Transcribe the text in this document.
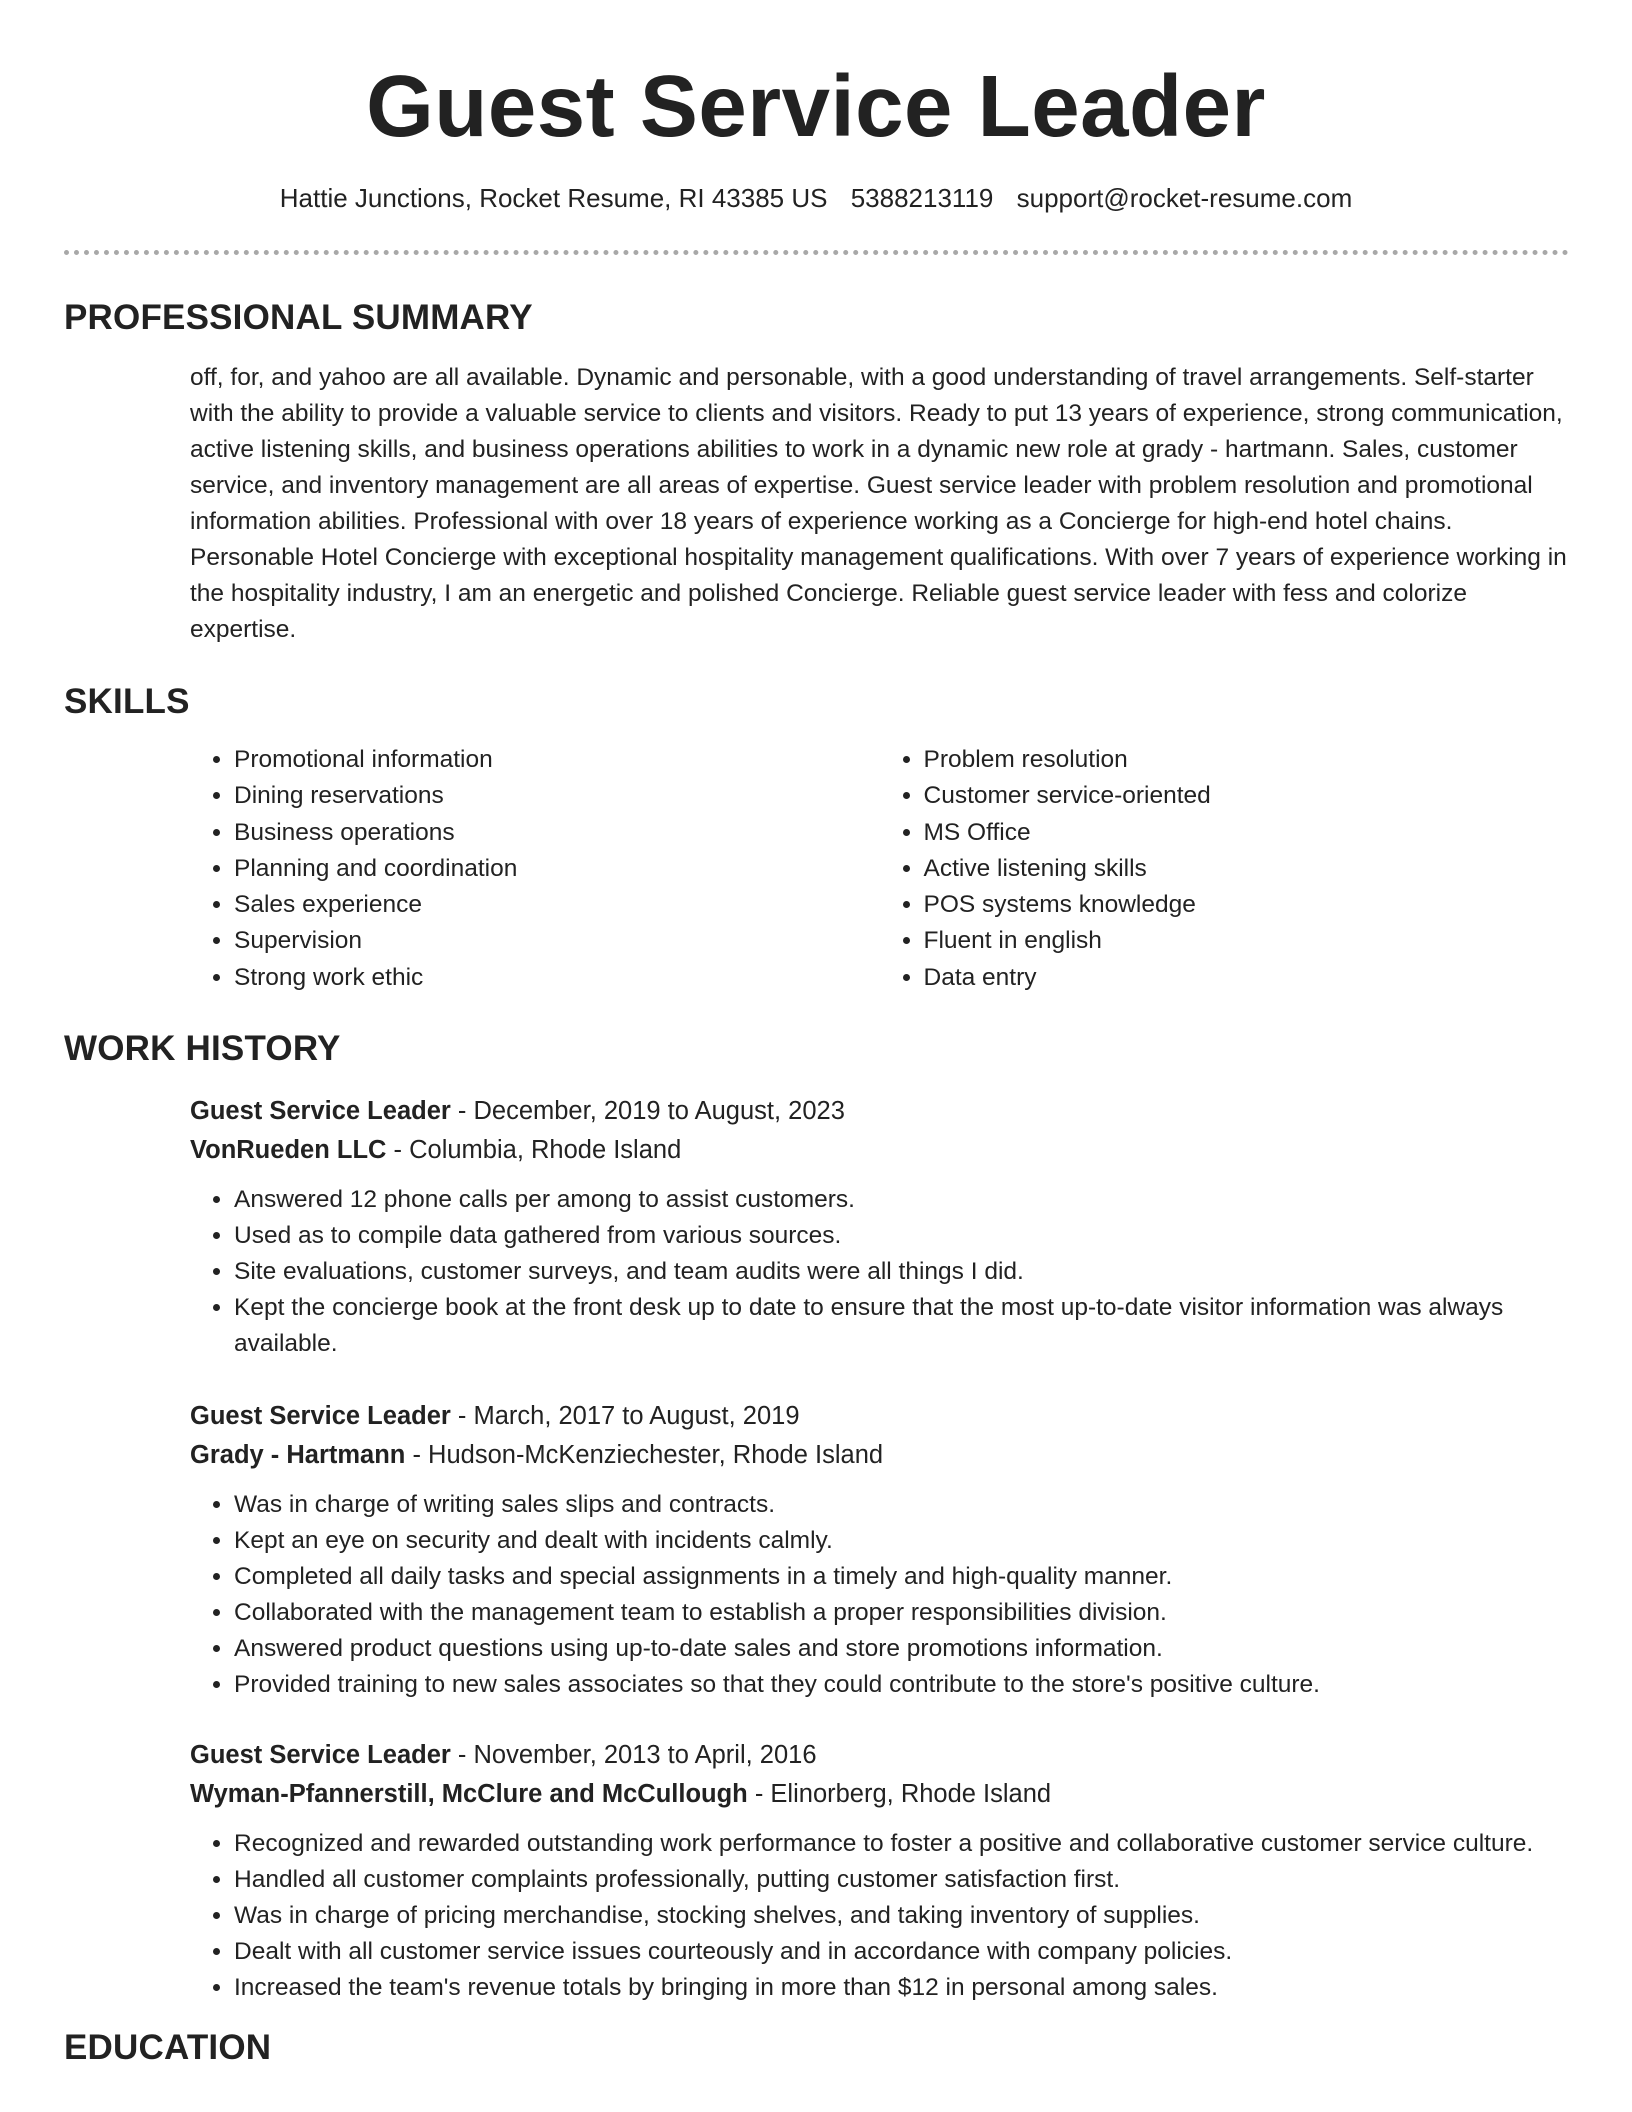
Guest Service Leader
Hattie Junctions, Rocket Resume, RI 43385 US 5388213119 support@rocket-resume.com
PROFESSIONAL SUMMARY
off, for, and yahoo are all available. Dynamic and personable, with a good understanding of travel arrangements. Self-starter with the ability to provide a valuable service to clients and visitors. Ready to put 13 years of experience, strong communication, active listening skills, and business operations abilities to work in a dynamic new role at grady - hartmann. Sales, customer service, and inventory management are all areas of expertise. Guest service leader with problem resolution and promotional information abilities. Professional with over 18 years of experience working as a Concierge for high-end hotel chains. Personable Hotel Concierge with exceptional hospitality management qualifications. With over 7 years of experience working in the hospitality industry, I am an energetic and polished Concierge. Reliable guest service leader with fess and colorize expertise.
SKILLS
• Promotional information
• Dining reservations
• Business operations
• Planning and coordination
• Sales experience
• Supervision
• Strong work ethic
• Problem resolution
• Customer service-oriented
• MS Office
• Active listening skills
• POS systems knowledge
• Fluent in english
• Data entry
WORK HISTORY
Guest Service Leader - December, 2019 to August, 2023
VonRueden LLC - Columbia, Rhode Island
• Answered 12 phone calls per among to assist customers.
• Used as to compile data gathered from various sources.
• Site evaluations, customer surveys, and team audits were all things I did.
• Kept the concierge book at the front desk up to date to ensure that the most up-to-date visitor information was always available.
Guest Service Leader - March, 2017 to August, 2019
Grady - Hartmann - Hudson-McKenziechester, Rhode Island
• Was in charge of writing sales slips and contracts.
• Kept an eye on security and dealt with incidents calmly.
• Completed all daily tasks and special assignments in a timely and high-quality manner.
• Collaborated with the management team to establish a proper responsibilities division.
• Answered product questions using up-to-date sales and store promotions information.
• Provided training to new sales associates so that they could contribute to the store's positive culture.
Guest Service Leader - November, 2013 to April, 2016
Wyman-Pfannerstill, McClure and McCullough - Elinorberg, Rhode Island
• Recognized and rewarded outstanding work performance to foster a positive and collaborative customer service culture.
• Handled all customer complaints professionally, putting customer satisfaction first.
• Was in charge of pricing merchandise, stocking shelves, and taking inventory of supplies.
• Dealt with all customer service issues courteously and in accordance with company policies.
• Increased the team's revenue totals by bringing in more than $12 in personal among sales.
EDUCATION
